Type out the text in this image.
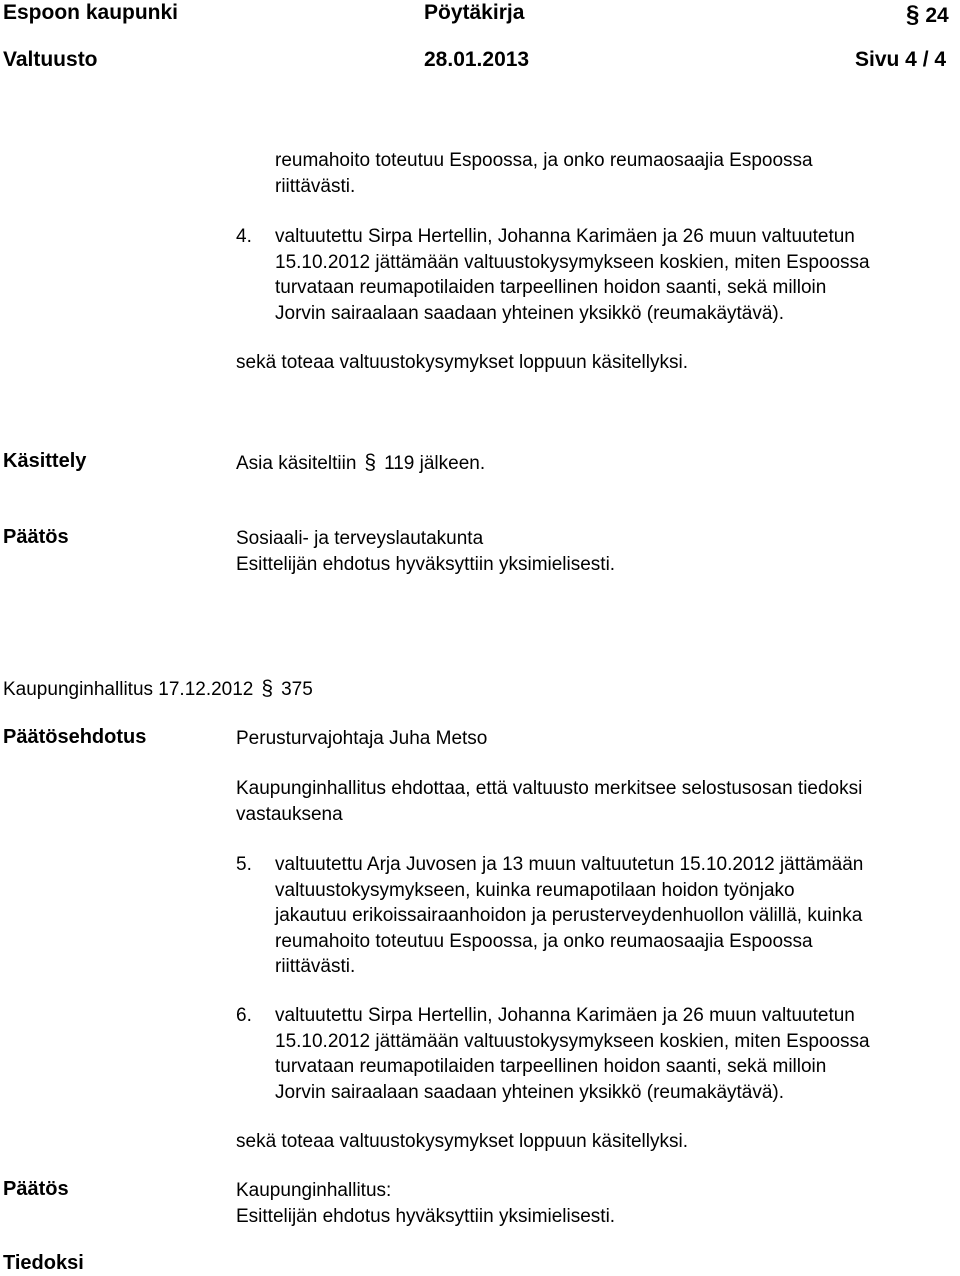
Espoon kaupunki	Pöytäkirja	§ 24
Valtuusto	28.01.2013	Sivu 4 / 4
reumahoito toteutuu Espoossa, ja onko reumaosaajia Espoossa
riittävästi.
4. valtuutettu Sirpa Hertellin, Johanna Karimäen ja 26 muun valtuutetun
15.10.2012 jättämään valtuustokysymykseen koskien, miten Espoossa
turvataan reumapotilaiden tarpeellinen hoidon saanti, sekä milloin
Jorvin sairaalaan saadaan yhteinen yksikkö (reumakäytävä).
sekä toteaa valtuustokysymykset loppuun käsitellyksi.
Käsittely	Asia käsiteltiin § 119 jälkeen.
Päätös	Sosiaali- ja terveyslautakunta
Esittelijän ehdotus hyväksyttiin yksimielisesti.
Kaupunginhallitus 17.12.2012 § 375
Päätösehdotus	Perusturvajohtaja Juha Metso
Kaupunginhallitus ehdottaa, että valtuusto merkitsee selostusosan tiedoksi
vastauksena
5. valtuutettu Arja Juvosen ja 13 muun valtuutetun 15.10.2012 jättämään
valtuustokysymykseen, kuinka reumapotilaan hoidon työnjako
jakautuu erikoissairaanhoidon ja perusterveydenhuollon välillä, kuinka
reumahoito toteutuu Espoossa, ja onko reumaosaajia Espoossa
riittävästi.
6. valtuutettu Sirpa Hertellin, Johanna Karimäen ja 26 muun valtuutetun
15.10.2012 jättämään valtuustokysymykseen koskien, miten Espoossa
turvataan reumapotilaiden tarpeellinen hoidon saanti, sekä milloin
Jorvin sairaalaan saadaan yhteinen yksikkö (reumakäytävä).
sekä toteaa valtuustokysymykset loppuun käsitellyksi.
Päätös	Kaupunginhallitus:
Esittelijän ehdotus hyväksyttiin yksimielisesti.
Tiedoksi
